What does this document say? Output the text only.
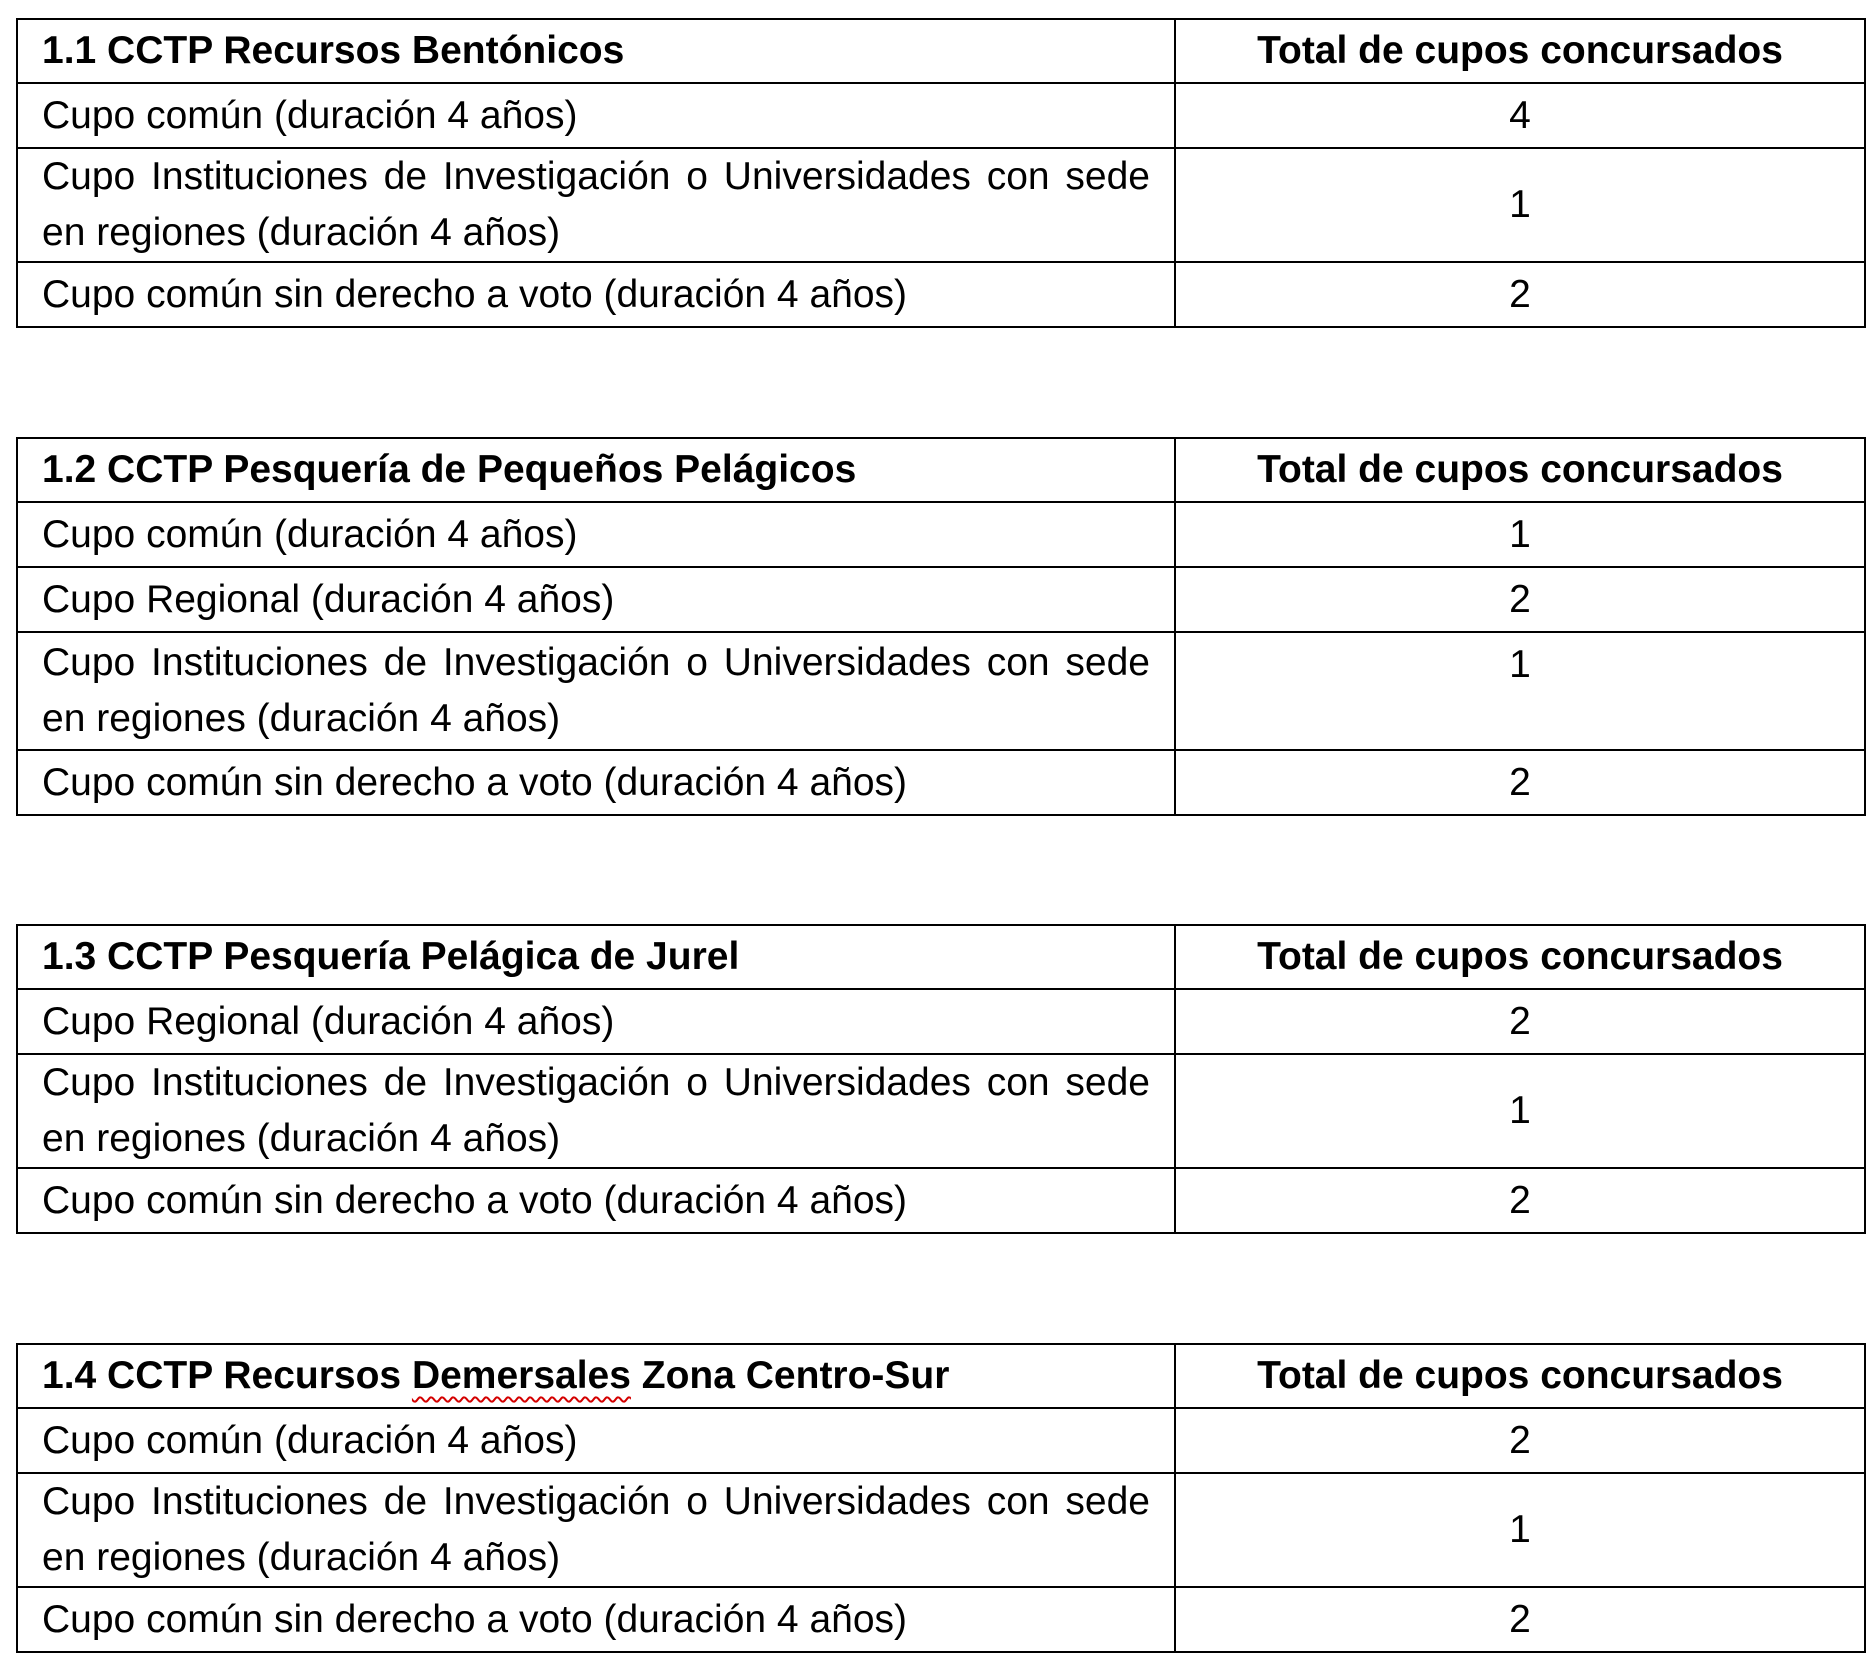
1.1 CCTP Recursos Bentónicos	Total de cupos concursados
Cupo común (duración 4 años)	4
Cupo Instituciones de Investigación o Universidades con sede en regiones (duración 4 años)	1
Cupo común sin derecho a voto (duración 4 años)	2
1.2 CCTP Pesquería de Pequeños Pelágicos	Total de cupos concursados
Cupo común (duración 4 años)	1
Cupo Regional (duración 4 años)	2
Cupo Instituciones de Investigación o Universidades con sede en regiones (duración 4 años)	1
Cupo común sin derecho a voto (duración 4 años)	2
1.3 CCTP Pesquería Pelágica de Jurel	Total de cupos concursados
Cupo Regional (duración 4 años)	2
Cupo Instituciones de Investigación o Universidades con sede en regiones (duración 4 años)	1
Cupo común sin derecho a voto (duración 4 años)	2
1.4 CCTP Recursos Demersales Zona Centro-Sur	Total de cupos concursados
Cupo común (duración 4 años)	2
Cupo Instituciones de Investigación o Universidades con sede en regiones (duración 4 años)	1
Cupo común sin derecho a voto (duración 4 años)	2
